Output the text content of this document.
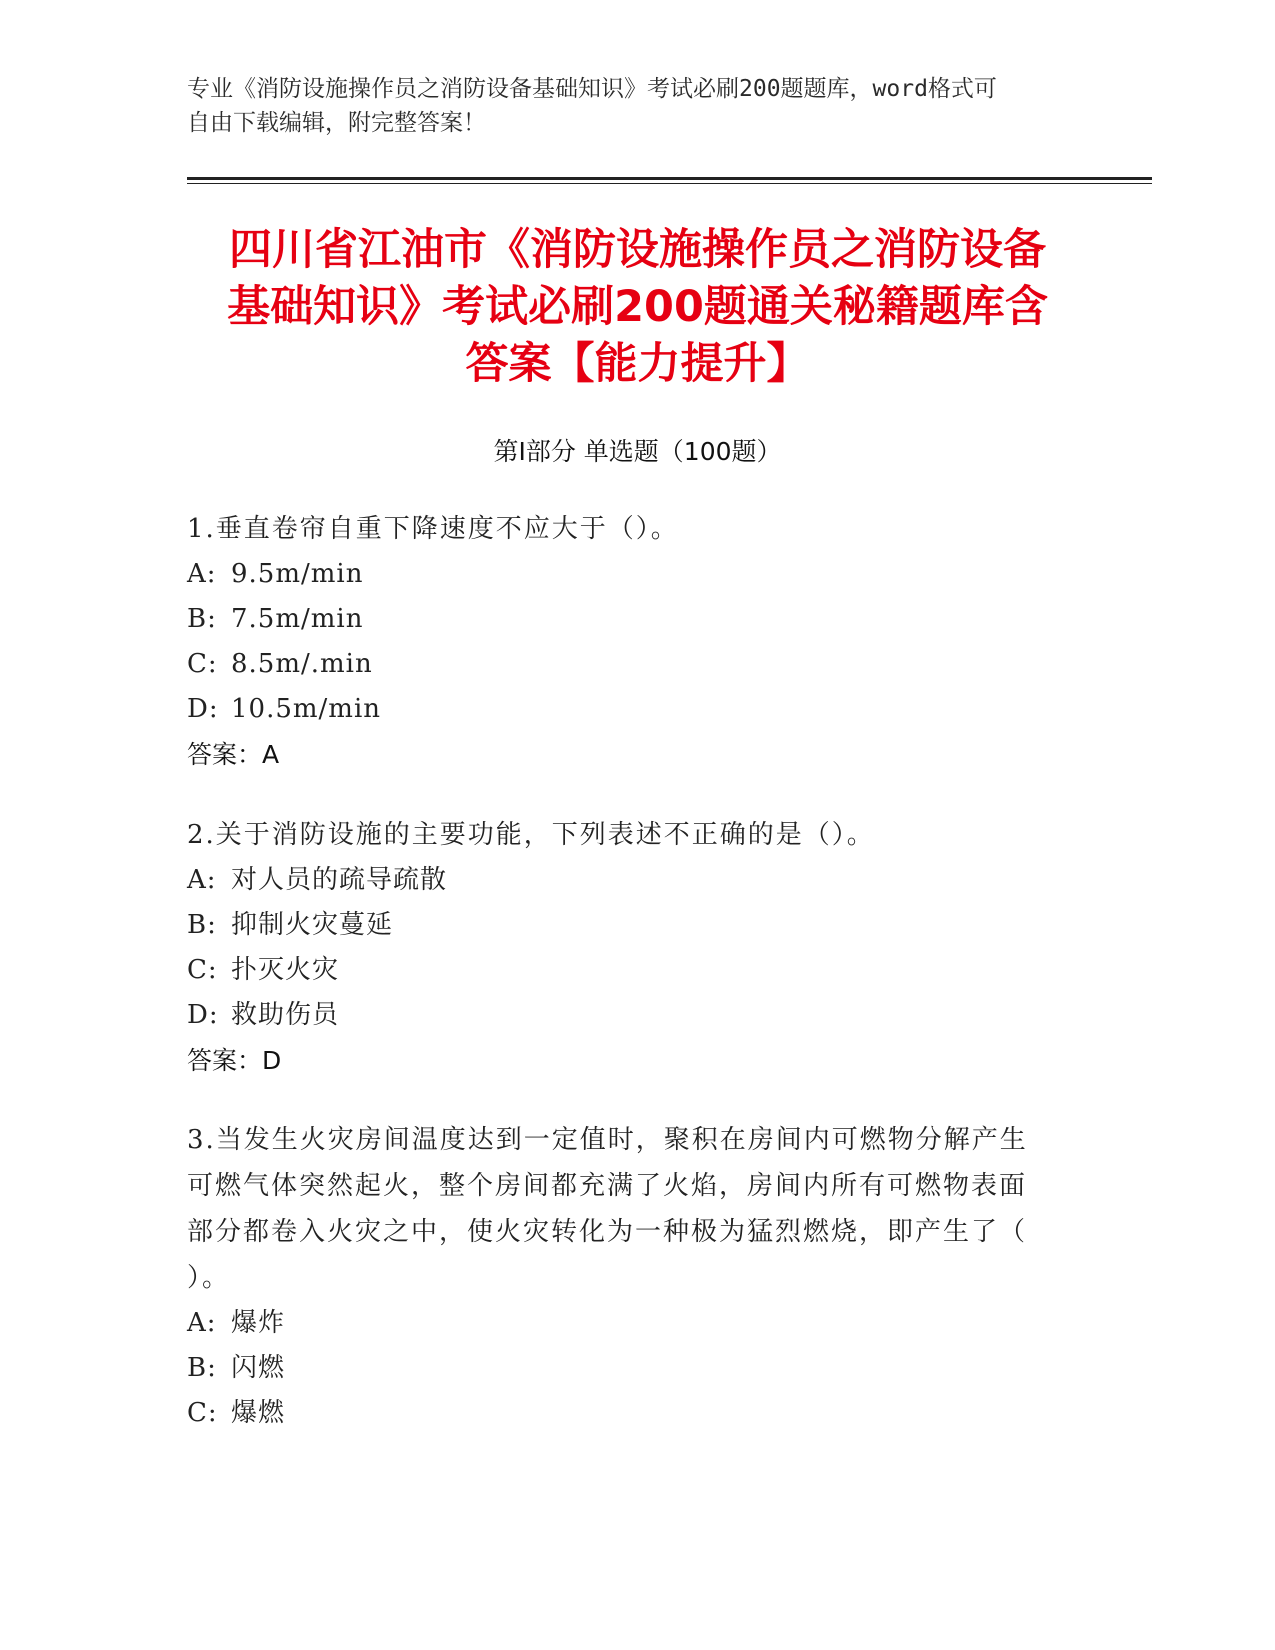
专业《消防设施操作员之消防设备基础知识》考试必刷200题题库，word格式可
自由下载编辑，附完整答案！
四川省江油市《消防设施操作员之消防设备
基础知识》考试必刷200题通关秘籍题库含
答案【能力提升】
第Ⅰ部分 单选题（100题）
1.垂直卷帘自重下降速度不应大于（）。
A: 9.5m/min
B: 7.5m/min
C: 8.5m/.min
D: 10.5m/min
答案：A
2.关于消防设施的主要功能，下列表述不正确的是（）。
A: 对人员的疏导疏散
B: 抑制火灾蔓延
C: 扑灭火灾
D: 救助伤员
答案：D
3.当发生火灾房间温度达到一定值时，聚积在房间内可燃物分解产生
可燃气体突然起火，整个房间都充满了火焰，房间内所有可燃物表面
部分都卷入火灾之中，使火灾转化为一种极为猛烈燃烧，即产生了（
）。
A: 爆炸
B: 闪燃
C: 爆燃
